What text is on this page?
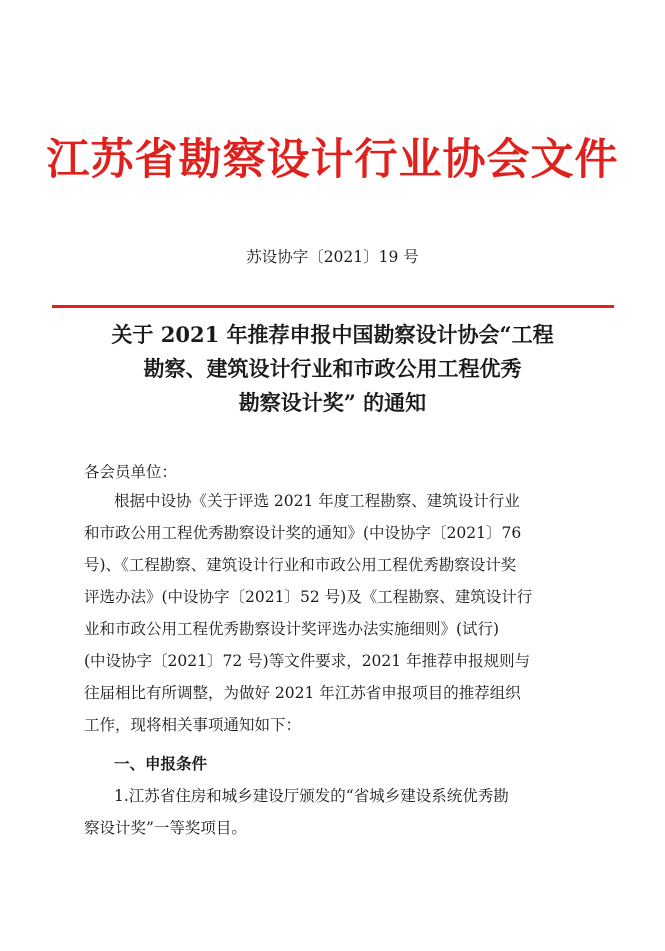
江苏省勘察设计行业协会文件
苏设协字〔2021〕19 号
关于 2021 年推荐申报中国勘察设计协会“工程
勘察、建筑设计行业和市政公用工程优秀
勘察设计奖” 的通知
各会员单位：
根据中设协《关于评选 2021 年度工程勘察、建筑设计行业
和市政公用工程优秀勘察设计奖的通知》(中设协字〔2021〕76
号)、《工程勘察、建筑设计行业和市政公用工程优秀勘察设计奖
评选办法》(中设协字〔2021〕52 号)及《工程勘察、建筑设计行
业和市政公用工程优秀勘察设计奖评选办法实施细则》(试行)
(中设协字〔2021〕72 号)等文件要求，2021 年推荐申报规则与
往届相比有所调整，为做好 2021 年江苏省申报项目的推荐组织
工作，现将相关事项通知如下：
一、申报条件
1.江苏省住房和城乡建设厅颁发的“省城乡建设系统优秀勘
察设计奖”一等奖项目。
